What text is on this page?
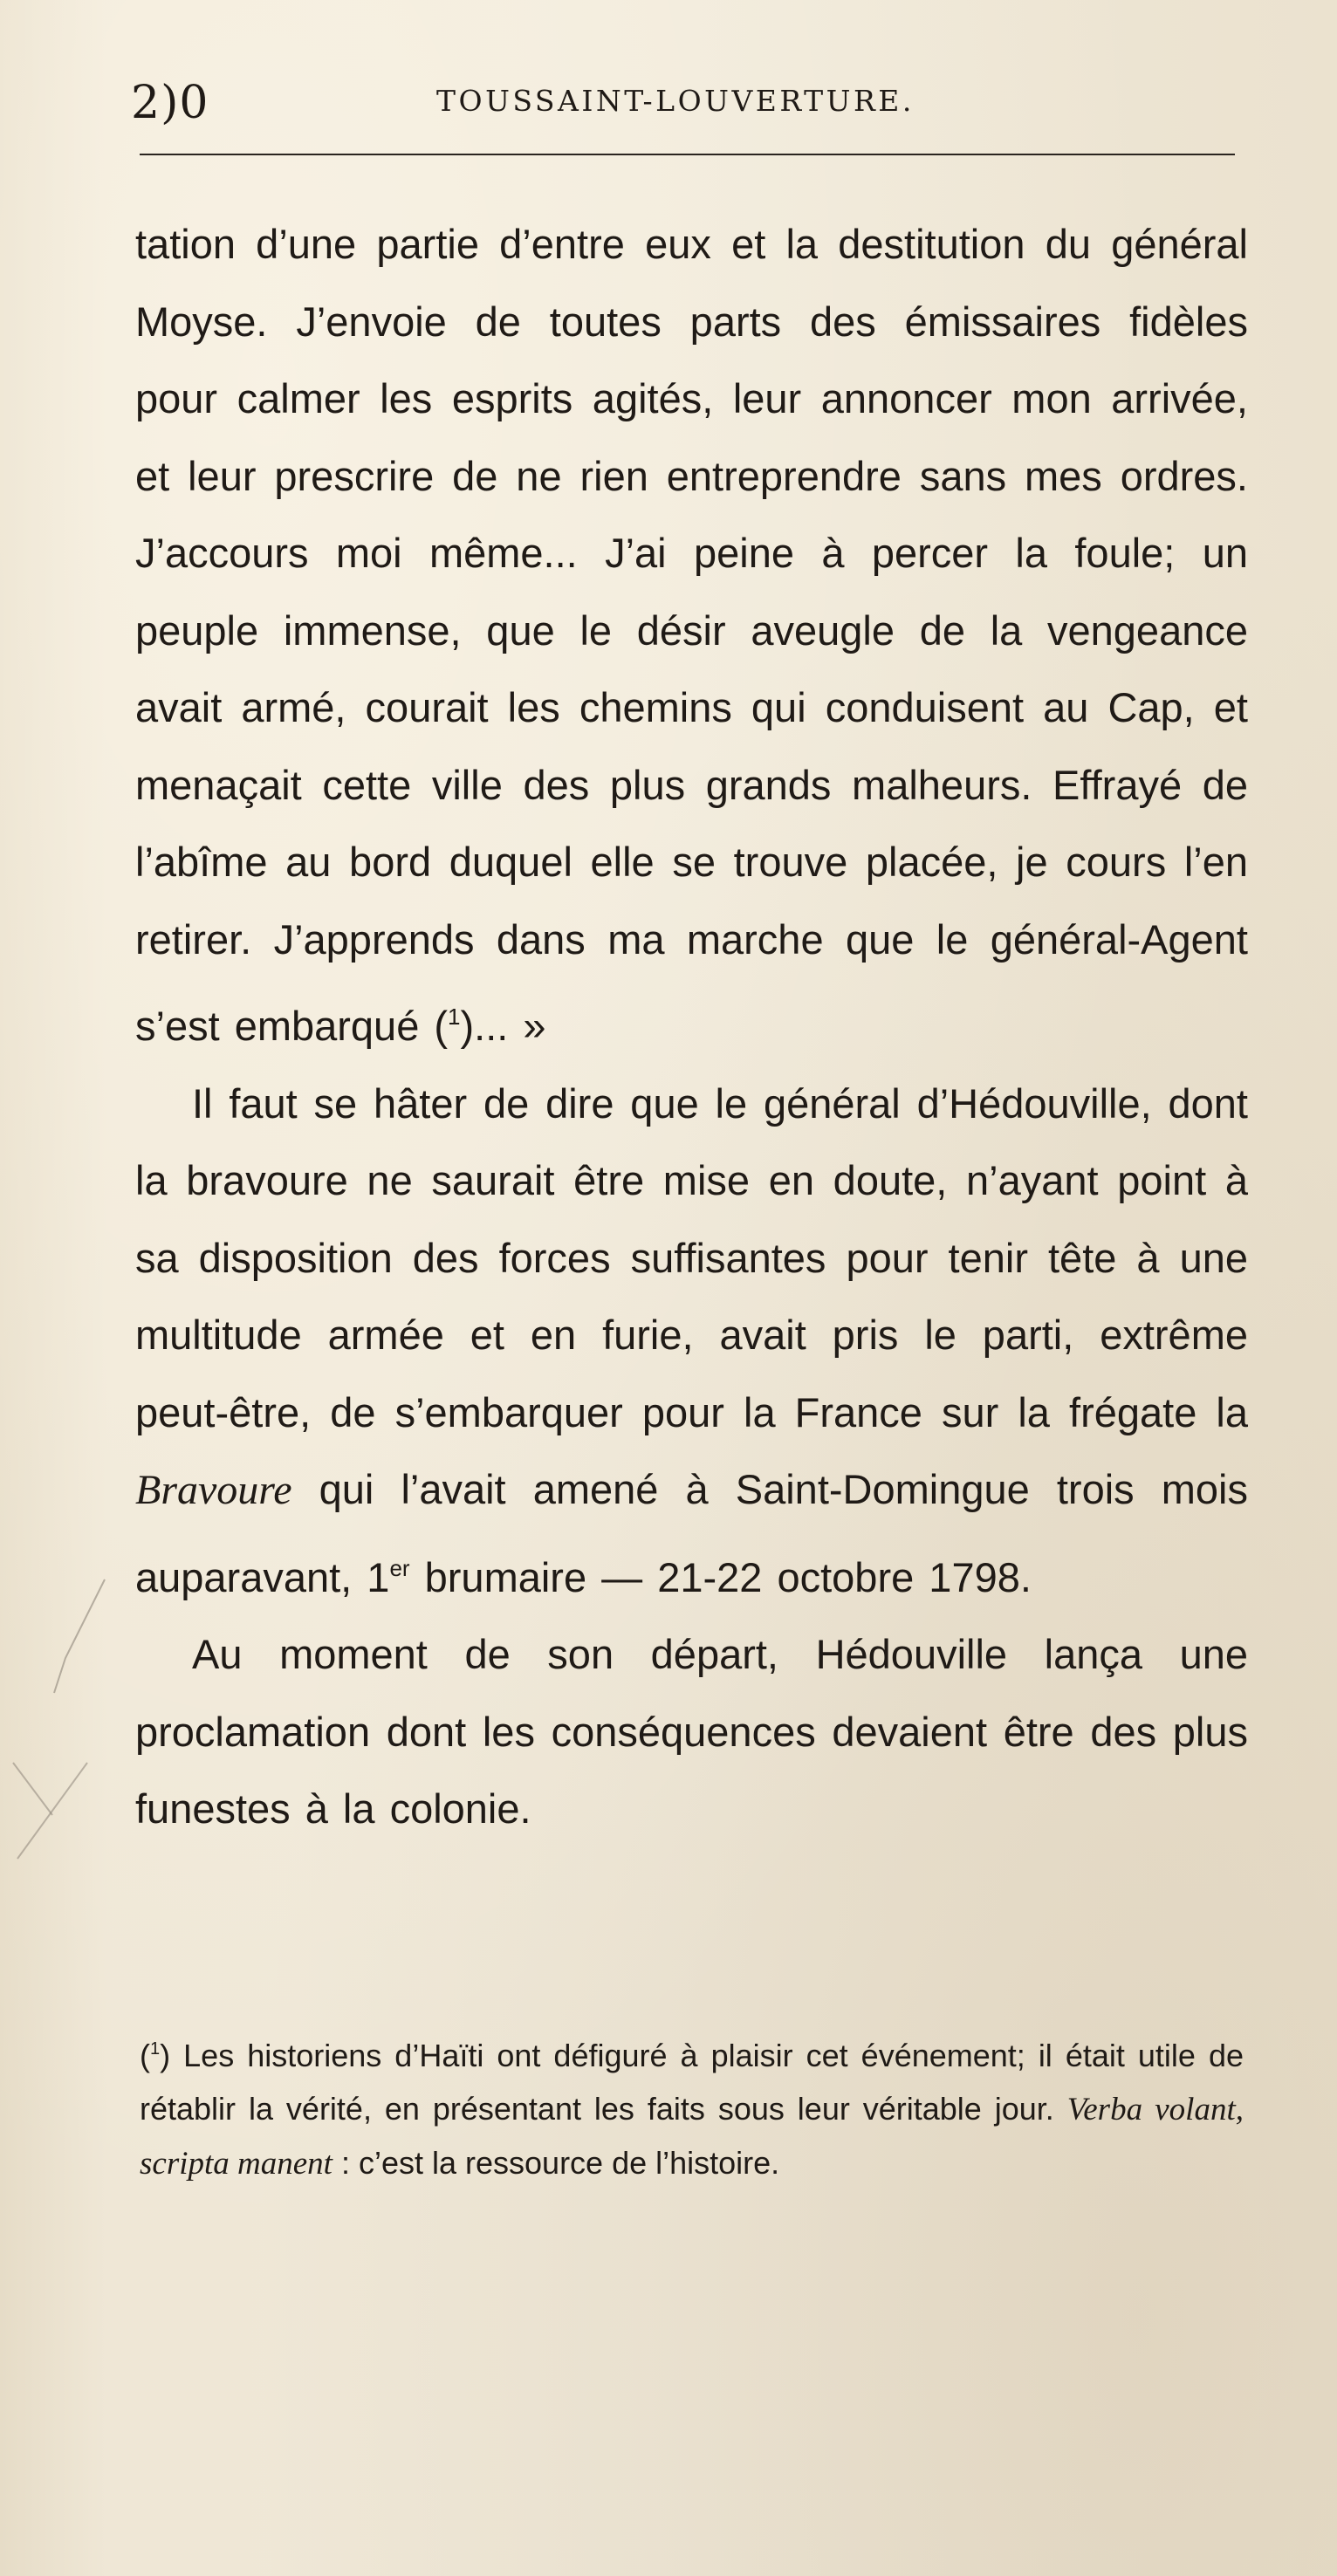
2)0	TOUSSAINT-LOUVERTURE.

tation d’une partie d’entre eux et la destitution du général Moyse. J’envoie de toutes parts des émissaires fidèles pour calmer les esprits agités, leur annoncer mon arrivée, et leur prescrire de ne rien entreprendre sans mes ordres. J’accours moi même... J’ai peine à percer la foule; un peuple immense, que le désir aveugle de la vengeance avait armé, courait les chemins qui conduisent au Cap, et menaçait cette ville des plus grands malheurs. Effrayé de l’abîme au bord duquel elle se trouve placée, je cours l’en retirer. J’apprends dans ma marche que le général-Agent s’est embarqué ($^1$)... »

Il faut se hâter de dire que le général d’Hédouville, dont la bravoure ne saurait être mise en doute, n’ayant point à sa disposition des forces suffisantes pour tenir tête à une multitude armée et en furie, avait pris le parti, extrême peut-être, de s’embarquer pour la France sur la frégate la Bravoure qui l’avait amené à Saint-Domingue trois mois auparavant, 1er brumaire — 21-22 octobre 1798.

Au moment de son départ, Hédouville lança une proclamation dont les conséquences devaient être des plus funestes à la colonie.

($^1$) Les historiens d’Haïti ont défiguré à plaisir cet événement; il était utile de rétablir la vérité, en présentant les faits sous leur véritable jour. Verba volant, scripta manent : c’est la ressource de l’histoire.
